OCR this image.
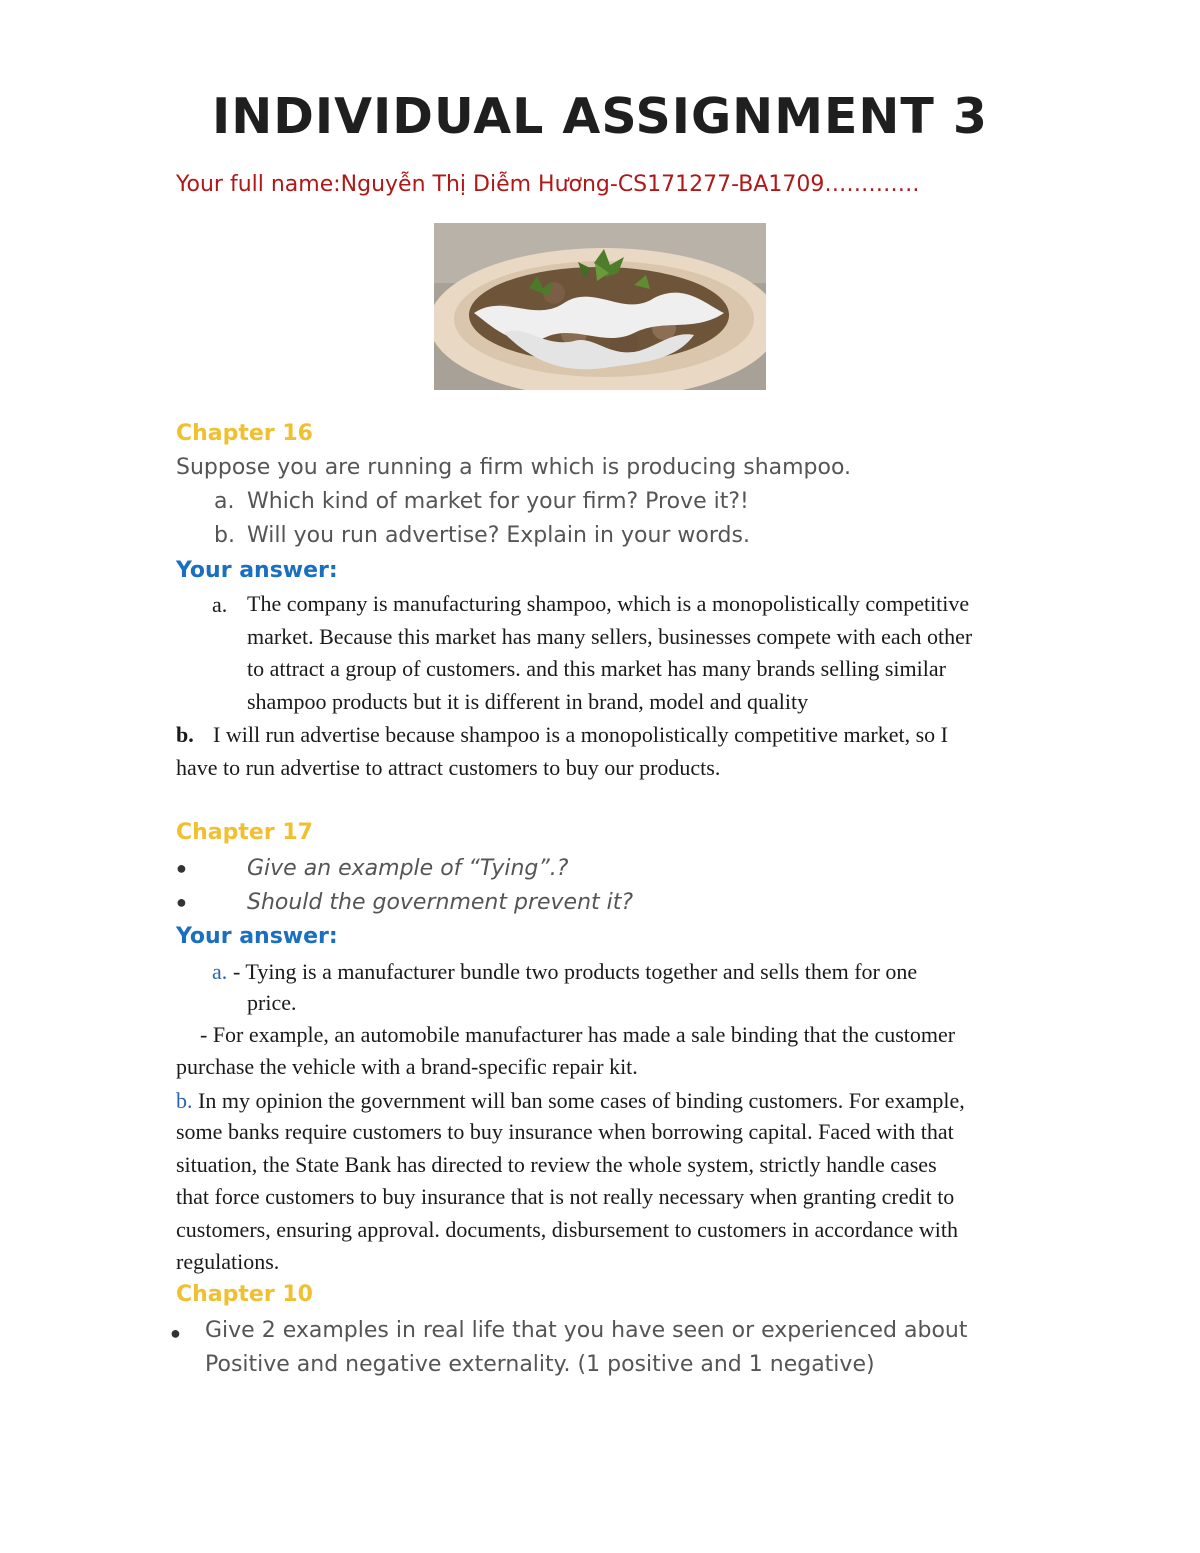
INDIVIDUAL ASSIGNMENT 3
Your full name:Nguyễn Thị Diễm Hương-CS171277-BA1709………….
Chapter 16
Suppose you are running a firm which is producing shampoo.
a. Which kind of market for your firm? Prove it?!
b. Will you run advertise? Explain in your words.
Your answer:
a. The company is manufacturing shampoo, which is a monopolistically competitive

market. Because this market has many sellers, businesses compete with each other

to attract a group of customers. and this market has many brands selling similar

shampoo products but it is different in brand, model and quality

b. I will run advertise because shampoo is a monopolistically competitive market, so I
have to run advertise to attract customers to buy our products.
Chapter 17
●	Give an example of “Tying”.?
●	Should the government prevent it?
Your answer:
a. - Tying is a manufacturer bundle two products together and sells them for one
price.
- For example, an automobile manufacturer has made a sale binding that the customer
purchase the vehicle with a brand-specific repair kit.
b. In my opinion the government will ban some cases of binding customers. For example,

some banks require customers to buy insurance when borrowing capital. Faced with that

situation, the State Bank has directed to review the whole system, strictly handle cases

that force customers to buy insurance that is not really necessary when granting credit to

customers, ensuring approval. documents, disbursement to customers in accordance with

regulations.

Chapter 10
● Give 2 examples in real life that you have seen or experienced about
Positive and negative externality. (1 positive and 1 negative)
